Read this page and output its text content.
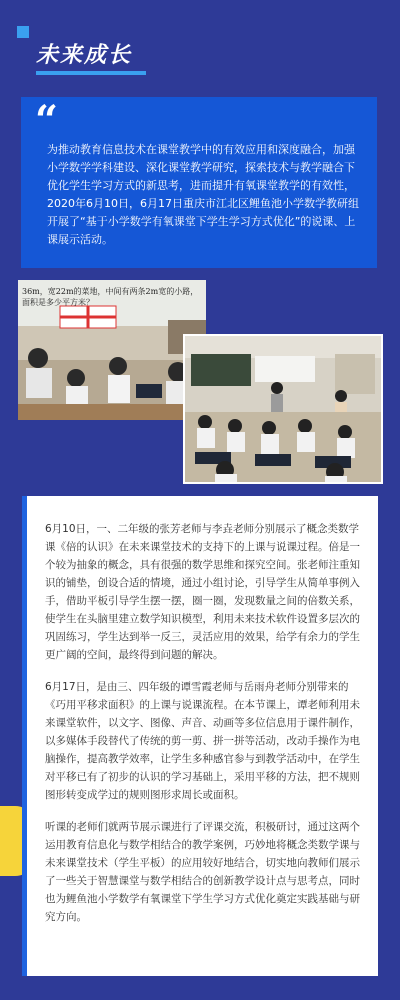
未来成长
“

为推动教育信息技术在课堂教学中的有效应用和深度融合，加强小学数学学科建设、深化课堂教学研究，探索技术与教学融合下优化学生学习方式的新思考，进而提升有氧课堂教学的有效性，2020年6月10日，6月17日重庆市江北区鲤鱼池小学数学教研组开展了“基于小学数学有氧课堂下学生学习方式优化”的说课、上课展示活动。

36m，宽22m的菜地，中间有两条2m宽的小路，面积是多少平方米？

6月10日，一、二年级的张芳老师与李垚老师分别展示了概念类数学课《倍的认识》在未来课堂技术的支持下的上课与说课过程。倍是一个较为抽象的概念，具有很强的数学思维和探究空间。张老师注重知识的铺垫，创设合适的情境，通过小组讨论，引导学生从简单事例入手，借助平板引导学生摆一摆，圈一圈，发现数量之间的倍数关系，使学生在头脑里建立数学知识模型，利用未来技术软件设置多层次的巩固练习，学生达到举一反三，灵活应用的效果，给学有余力的学生更广阔的空间，最终得到问题的解决。

6月17日，是由三、四年级的谭雪霞老师与岳雨舟老师分别带来的《巧用平移求面积》的上课与说课流程。在本节课上，谭老师利用未来课堂软件，以文字、图像、声音、动画等多位信息用于课件制作，以多媒体手段替代了传统的剪一剪、拼一拼等活动，改动手操作为电脑操作，提高教学效率，让学生多种感官参与到教学活动中，在学生对平移已有了初步的认识的学习基础上，采用平移的方法，把不规则图形转变成学过的规则图形求周长或面积。

听课的老师们就两节展示课进行了评课交流，积极研讨，通过这两个运用教育信息化与数学相结合的教学案例，巧妙地将概念类数学课与未来课堂技术（学生平板）的应用较好地结合，切实地向教师们展示了一些关于智慧课堂与数学相结合的创新教学设计点与思考点，同时也为鲤鱼池小学数学有氧课堂下学生学习方式优化奠定实践基础与研究方向。
